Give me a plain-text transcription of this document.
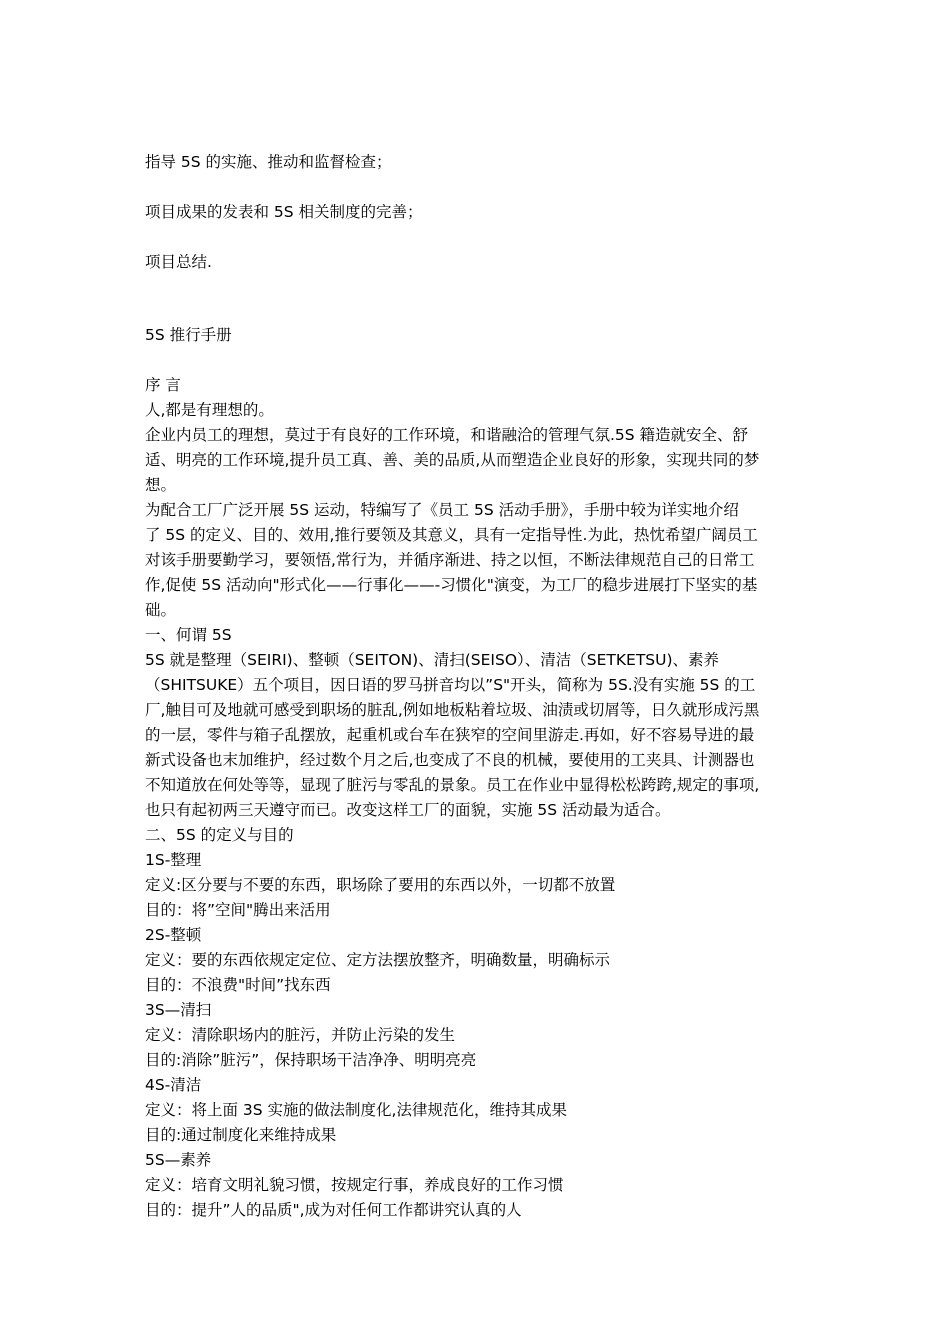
指导 5S 的实施、推动和监督检查；

项目成果的发表和 5S 相关制度的完善；

项目总结.

5S 推行手册

序 言

人,都是有理想的。

企业内员工的理想，莫过于有良好的工作环境，和谐融洽的管理气氛.5S 籍造就安全、舒

适、明亮的工作环境,提升员工真、善、美的品质,从而塑造企业良好的形象，实现共同的梦

想。

为配合工厂广泛开展 5S 运动，特编写了《员工 5S 活动手册》，手册中较为详实地介绍

了 5S 的定义、目的、效用,推行要领及其意义，具有一定指导性.为此，热忱希望广阔员工

对该手册要勤学习，要领悟,常行为，并循序渐进、持之以恒，不断法律规范自己的日常工

作,促使 5S 活动向"形式化——行事化——-习惯化"演变，为工厂的稳步进展打下坚实的基

础。

一、何谓 5S

5S 就是整理（SEIRI)、整顿（SEITON)、清扫(SEISO）、清洁（SETKETSU)、素养

（SHITSUKE）五个项目，因日语的罗马拼音均以”S"开头，简称为 5S.没有实施 5S 的工

厂,触目可及地就可感受到职场的脏乱,例如地板粘着垃圾、油渍或切屑等，日久就形成污黑

的一层，零件与箱子乱摆放，起重机或台车在狭窄的空间里游走.再如，好不容易导进的最

新式设备也末加维护，经过数个月之后,也变成了不良的机械，要使用的工夹具、计测器也

不知道放在何处等等，显现了脏污与零乱的景象。员工在作业中显得松松跨跨,规定的事项,

也只有起初两三天遵守而已。改变这样工厂的面貌，实施 5S 活动最为适合。

二、5S 的定义与目的

1S-整理

定义:区分要与不要的东西，职场除了要用的东西以外，一切都不放置

目的：将”空间"腾出来活用

2S-整顿

定义：要的东西依规定定位、定方法摆放整齐，明确数量，明确标示

目的：不浪费"时间”找东西

3S—清扫

定义：清除职场内的脏污，并防止污染的发生

目的:消除”脏污”，保持职场干洁净净、明明亮亮

4S-清洁

定义：将上面 3S 实施的做法制度化,法律规范化，维持其成果

目的:通过制度化来维持成果

5S—素养

定义：培育文明礼貌习惯，按规定行事，养成良好的工作习惯

目的：提升”人的品质",成为对任何工作都讲究认真的人
